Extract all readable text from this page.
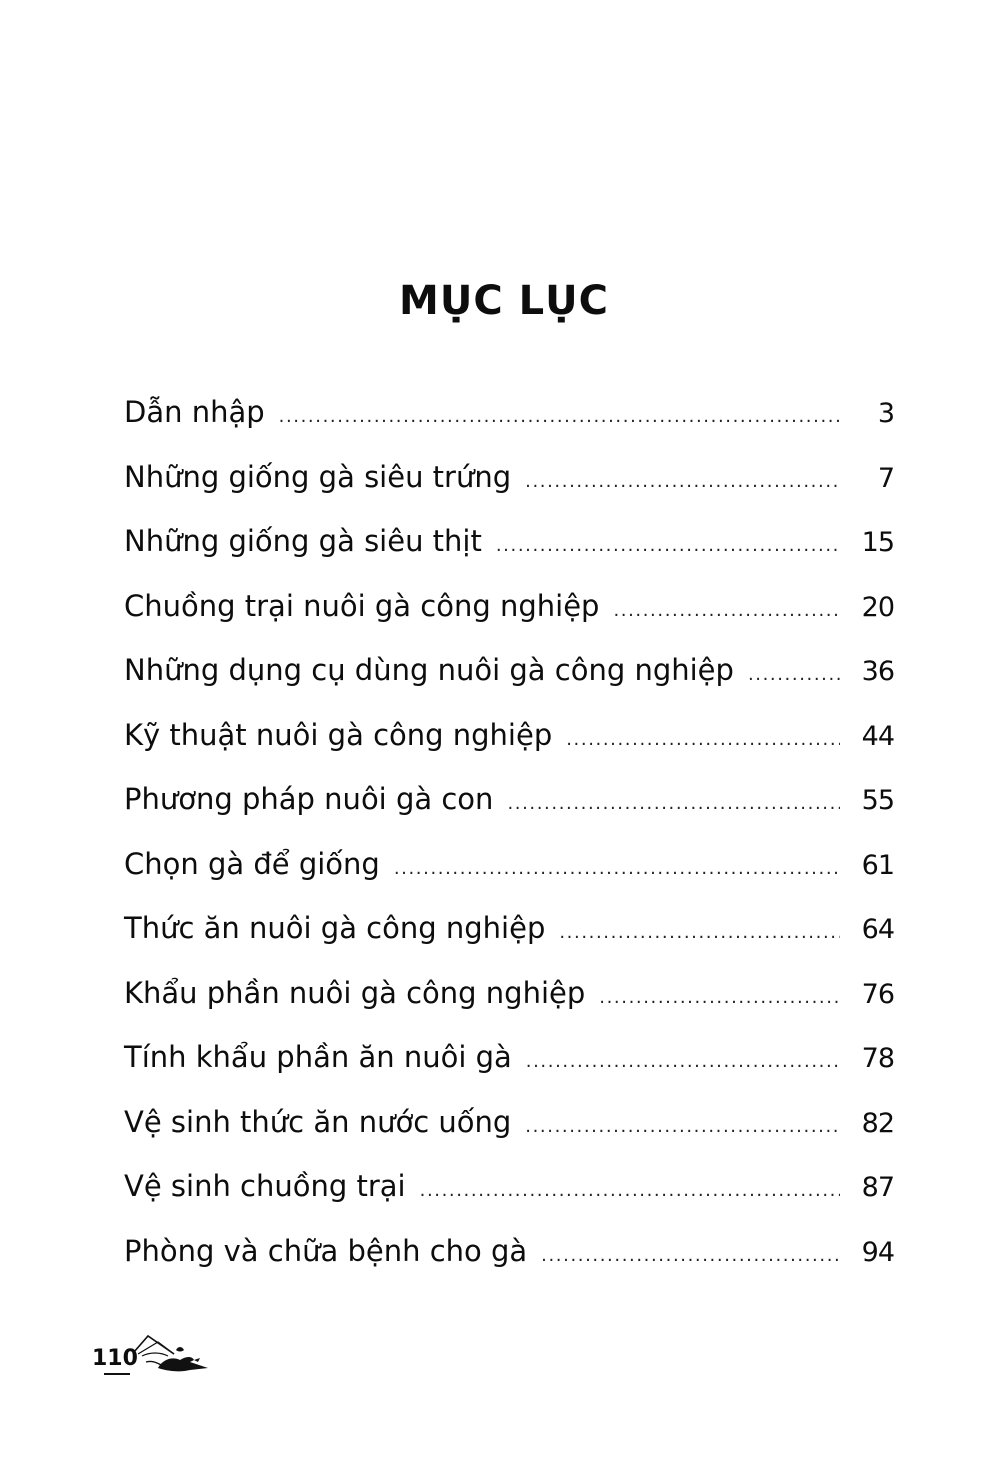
MỤC LỤC
Dẫn nhập .....	3
Những giống gà siêu trứng .....	7
Những giống gà siêu thịt .....	15
Chuồng trại nuôi gà công nghiệp .....	20
Những dụng cụ dùng nuôi gà công nghiệp .....	36
Kỹ thuật nuôi gà công nghiệp .....	44
Phương pháp nuôi gà con .....	55
Chọn gà để giống .....	61
Thức ăn nuôi gà công nghiệp .....	64
Khẩu phần nuôi gà công nghiệp .....	76
Tính khẩu phần ăn nuôi gà .....	78
Vệ sinh thức ăn nước uống .....	82
Vệ sinh chuồng trại .....	87
Phòng và chữa bệnh cho gà .....	94
110
